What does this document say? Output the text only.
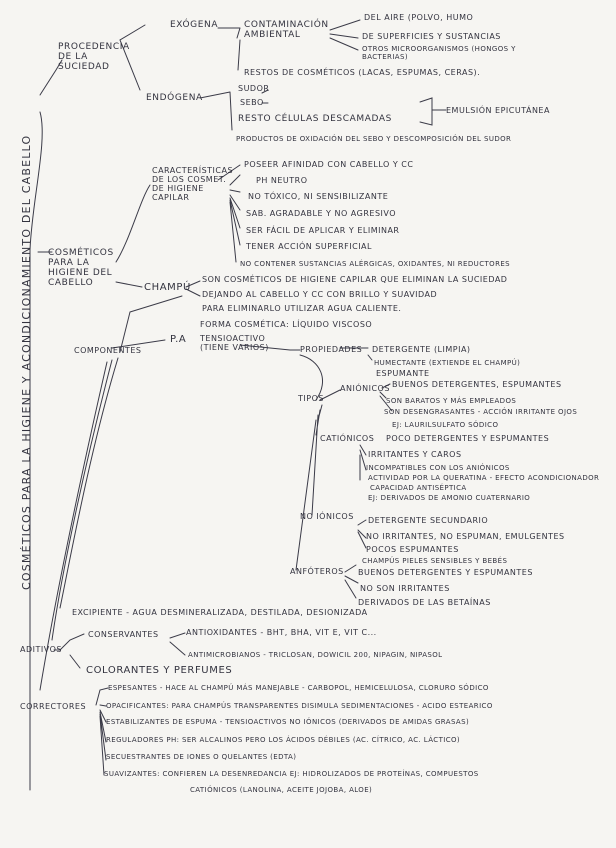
COSMÉTICOS PARA LA HIGIENE Y ACONDICIONAMIENTO DEL CABELLO
PROCEDENCIA DE LA SUCIEDAD
EXÓGENA	CONTAMINACIÓN AMBIENTAL
DEL AIRE (POLVO, HUMO
DE SUPERFICIES Y SUSTANCIAS
OTROS MICROORGANISMOS (HONGOS Y BACTERIAS)
RESTOS DE COSMÉTICOS (LACAS, ESPUMAS, CERAS).
ENDÓGENA
SUDOR
SEBO
RESTO CÉLULAS DESCAMADAS
EMULSIÓN EPICUTÁNEA
PRODUCTOS DE OXIDACIÓN DEL SEBO Y DESCOMPOSICIÓN DEL SUDOR
COSMÉTICOS PARA LA HIGIENE DEL CABELLO
CARACTERÍSTICAS DE LOS COSMET. DE HIGIENE CAPILAR
POSEER AFINIDAD CON CABELLO Y CC
PH NEUTRO
NO TÓXICO, NI SENSIBILIZANTE
SAB. AGRADABLE Y NO AGRESIVO
SER FÁCIL DE APLICAR Y ELIMINAR
TENER ACCIÓN SUPERFICIAL
NO CONTENER SUSTANCIAS ALÉRGICAS, OXIDANTES, NI REDUCTORES
CHAMPÚ
SON COSMÉTICOS DE HIGIENE CAPILAR QUE ELIMINAN LA SUCIEDAD
DEJANDO AL CABELLO Y CC CON BRILLO Y SUAVIDAD
PARA ELIMINARLO UTILIZAR AGUA CALIENTE.
FORMA COSMÉTICA: LÍQUIDO VISCOSO
COMPONENTES
P.A TENSIOACTIVO (TIENE VARIOS)	PROPIEDADES DETERGENTE (LIMPIA)
HUMECTANTE (EXTIENDE EL CHAMPÚ)
ESPUMANTE
TIPOS
ANIÓNICOS BUENOS DETERGENTES, ESPUMANTES
SON BARATOS Y MÁS EMPLEADOS
SON DESENGRASANTES - ACCIÓN IRRITANTE OJOS
EJ: LAURILSULFATO SÓDICO
CATIÓNICOS POCO DETERGENTES Y ESPUMANTES
IRRITANTES Y CAROS
INCOMPATIBLES CON LOS ANIÓNICOS
ACTIVIDAD POR LA QUERATINA - EFECTO ACONDICIONADOR
CAPACIDAD ANTISÉPTICA
EJ: DERIVADOS DE AMONIO CUATERNARIO
NO IÓNICOS DETERGENTE SECUNDARIO
NO IRRITANTES, NO ESPUMAN, EMULGENTES
POCOS ESPUMANTES
CHAMPÚS PIELES SENSIBLES Y BEBÉS
ANFÓTEROS BUENOS DETERGENTES Y ESPUMANTES
NO SON IRRITANTES
DERIVADOS DE LAS BETAÍNAS
EXCIPIENTE - AGUA DESMINERALIZADA, DESTILADA, DESIONIZADA
ADITIVOS
CONSERVANTES	ANTIOXIDANTES - BHT, BHA, VIT E, VIT C...
ANTIMICROBIANOS - TRICLOSAN, DOWICIL 200, NIPAGIN, NIPASOL
COLORANTES Y PERFUMES
CORRECTORES
ESPESANTES - HACE AL CHAMPÚ MÁS MANEJABLE - CARBOPOL, HEMICELULOSA, CLORURO SÓDICO
OPACIFICANTES: PARA CHAMPÚS TRANSPARENTES DISIMULA SEDIMENTACIONES - ACIDO ESTEARICO
ESTABILIZANTES DE ESPUMA - TENSIOACTIVOS NO IÓNICOS (DERIVADOS DE AMIDAS GRASAS)
REGULADORES PH: SER ALCALINOS PERO LOS ÁCIDOS DÉBILES (AC. CÍTRICO, AC. LÁCTICO)
SECUESTRANTES DE IONES O QUELANTES (EDTA)
SUAVIZANTES: CONFIEREN LA DESENREDANCIA EJ: HIDROLIZADOS DE PROTEÍNAS, COMPUESTOS
CATIÓNICOS (LANOLINA, ACEITE JOJOBA, ALOE)
